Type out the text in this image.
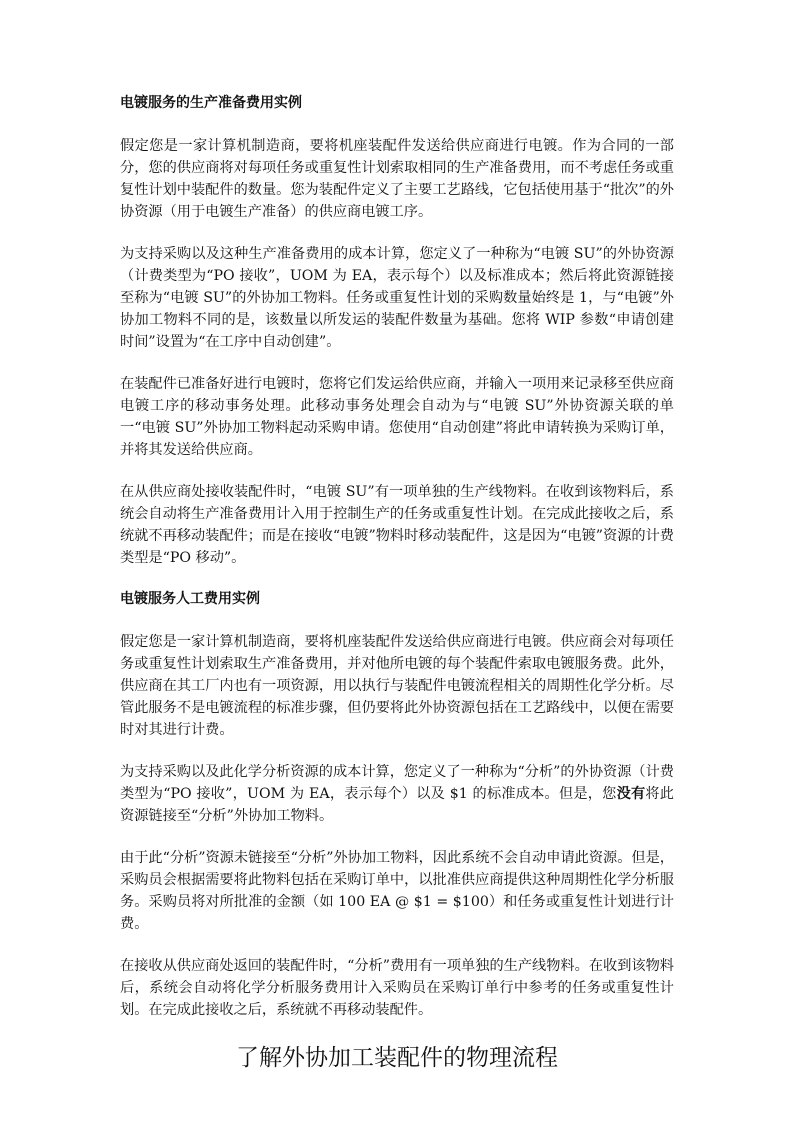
电镀服务的生产准备费用实例

假定您是一家计算机制造商，要将机座装配件发送给供应商进行电镀。作为合同的一部分，您的供应商将对每项任务或重复性计划索取相同的生产准备费用，而不考虑任务或重复性计划中装配件的数量。您为装配件定义了主要工艺路线，它包括使用基于“批次”的外协资源（用于电镀生产准备）的供应商电镀工序。

为支持采购以及这种生产准备费用的成本计算，您定义了一种称为“电镀 SU”的外协资源（计费类型为“PO 接收”，UOM 为 EA，表示每个）以及标准成本；然后将此资源链接至称为“电镀 SU”的外协加工物料。任务或重复性计划的采购数量始终是 1，与“电镀”外协加工物料不同的是，该数量以所发运的装配件数量为基础。您将 WIP 参数“申请创建时间”设置为“在工序中自动创建”。

在装配件已准备好进行电镀时，您将它们发运给供应商，并输入一项用来记录移至供应商电镀工序的移动事务处理。此移动事务处理会自动为与“电镀 SU”外协资源关联的单一“电镀 SU”外协加工物料起动采购申请。您使用“自动创建”将此申请转换为采购订单，并将其发送给供应商。

在从供应商处接收装配件时，“电镀 SU”有一项单独的生产线物料。在收到该物料后，系统会自动将生产准备费用计入用于控制生产的任务或重复性计划。在完成此接收之后，系统就不再移动装配件；而是在接收“电镀”物料时移动装配件，这是因为“电镀”资源的计费类型是“PO 移动”。

电镀服务人工费用实例

假定您是一家计算机制造商，要将机座装配件发送给供应商进行电镀。供应商会对每项任务或重复性计划索取生产准备费用，并对他所电镀的每个装配件索取电镀服务费。此外，供应商在其工厂内也有一项资源，用以执行与装配件电镀流程相关的周期性化学分析。尽管此服务不是电镀流程的标准步骤，但仍要将此外协资源包括在工艺路线中，以便在需要时对其进行计费。

为支持采购以及此化学分析资源的成本计算，您定义了一种称为“分析”的外协资源（计费类型为“PO 接收”，UOM 为 EA，表示每个）以及 $1 的标准成本。但是，您没有将此资源链接至“分析”外协加工物料。

由于此“分析”资源未链接至“分析”外协加工物料，因此系统不会自动申请此资源。但是，采购员会根据需要将此物料包括在采购订单中，以批准供应商提供这种周期性化学分析服务。采购员将对所批准的金额（如 100 EA @ $1 = $100）和任务或重复性计划进行计费。

在接收从供应商处返回的装配件时，“分析”费用有一项单独的生产线物料。在收到该物料后，系统会自动将化学分析服务费用计入采购员在采购订单行中参考的任务或重复性计划。在完成此接收之后，系统就不再移动装配件。

了解外协加工装配件的物理流程
